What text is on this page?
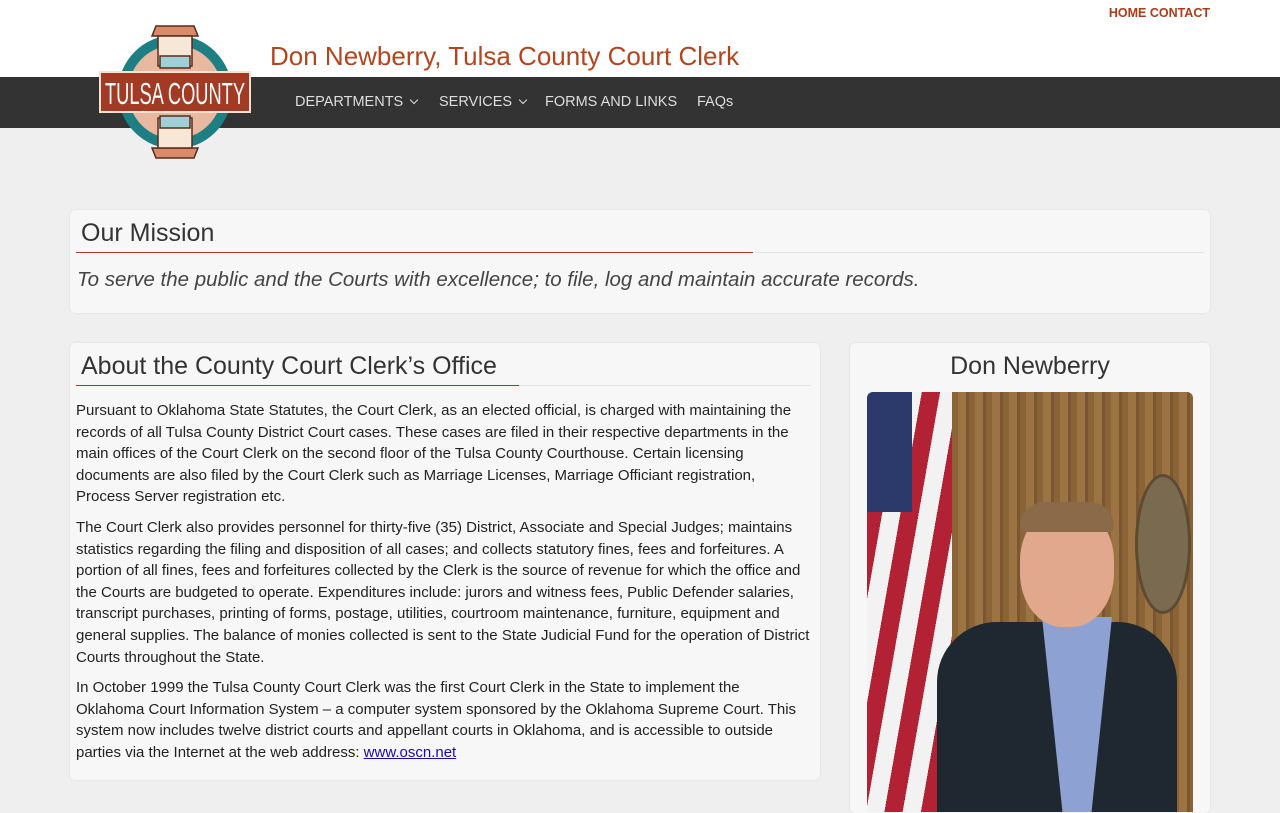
HOME CONTACT
Don Newberry, Tulsa County Court Clerk
DEPARTMENTS	SERVICES	FORMS AND LINKS FAQs
TULSA COUNTY
Our Mission
To serve the public and the Courts with excellence; to file, log and maintain accurate records.
About the County Court Clerk’s Office

Pursuant to Oklahoma State Statutes, the Court Clerk, as an elected official, is charged with maintaining the records of all Tulsa County District Court cases. These cases are filed in their respective departments in the main offices of the Court Clerk on the second floor of the Tulsa County Courthouse. Certain licensing documents are also filed by the Court Clerk such as Marriage Licenses, Marriage Officiant registration, Process Server registration etc.

The Court Clerk also provides personnel for thirty-five (35) District, Associate and Special Judges; maintains statistics regarding the filing and disposition of all cases; and collects statutory fines, fees and forfeitures. A portion of all fines, fees and forfeitures collected by the Clerk is the source of revenue for which the office and the Courts are budgeted to operate. Expenditures include: jurors and witness fees, Public Defender salaries, transcript purchases, printing of forms, postage, utilities, courtroom maintenance, furniture, equipment and general supplies. The balance of monies collected is sent to the State Judicial Fund for the operation of District Courts throughout the State.

In October 1999 the Tulsa County Court Clerk was the first Court Clerk in the State to implement the Oklahoma Court Information System – a computer system sponsored by the Oklahoma Supreme Court. This system now includes twelve district courts and appellant courts in Oklahoma, and is accessible to outside parties via the Internet at the web address: www.oscn.net

Don Newberry
